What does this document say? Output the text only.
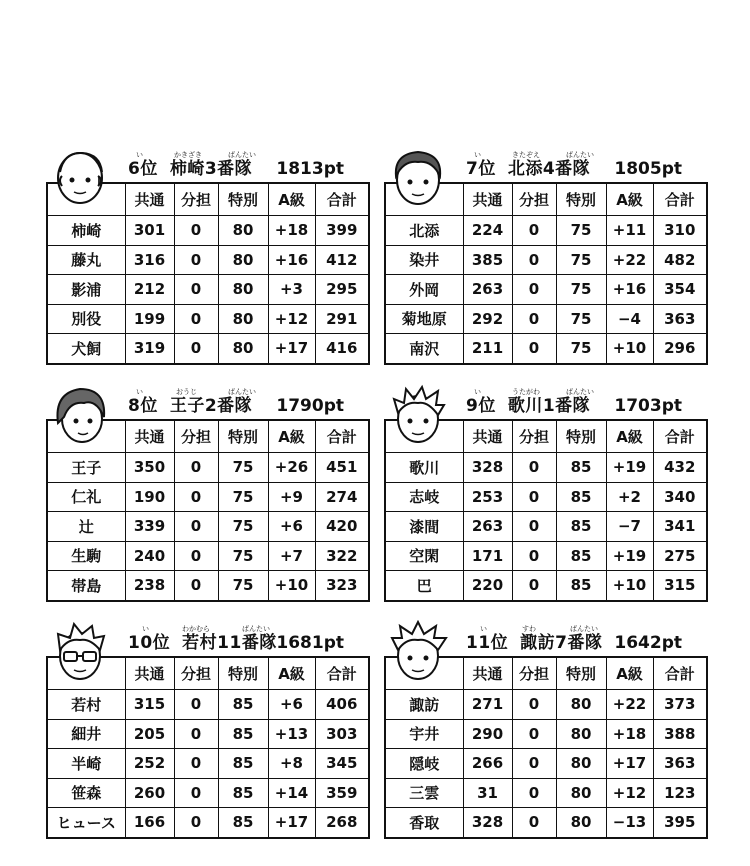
い	かきざき	ばんたい
6位 柿崎3番隊 1813pt
	共通	分担	特別	A級	合計
柿崎	301	0	80	+18	399
藤丸	316	0	80	+16	412
影浦	212	0	80	+3	295
別役	199	0	80	+12	291
犬飼	319	0	80	+17	416
い	きたぞえ	ばんたい
7位 北添4番隊 1805pt
	共通	分担	特別	A級	合計
北添	224	0	75	+11	310
染井	385	0	75	+22	482
外岡	263	0	75	+16	354
菊地原	292	0	75	−4	363
南沢	211	0	75	+10	296
い	おうじ	ばんたい
8位 王子2番隊 1790pt
	共通	分担	特別	A級	合計
王子	350	0	75	+26	451
仁礼	190	0	75	+9	274
辻	339	0	75	+6	420
生駒	240	0	75	+7	322
帯島	238	0	75	+10	323
い	うたがわ	ばんたい
9位 歌川1番隊 1703pt
	共通	分担	特別	A級	合計
歌川	328	0	85	+19	432
志岐	253	0	85	+2	340
漆間	263	0	85	−7	341
空閑	171	0	85	+19	275
巴	220	0	85	+10	315
い	わかむら	ばんたい
10位 若村11番隊 1681pt
	共通	分担	特別	A級	合計
若村	315	0	85	+6	406
細井	205	0	85	+13	303
半崎	252	0	85	+8	345
笹森	260	0	85	+14	359
ヒュース	166	0	85	+17	268
い	すわ	ばんたい
11位 諏訪7番隊 1642pt
	共通	分担	特別	A級	合計
諏訪	271	0	80	+22	373
宇井	290	0	80	+18	388
隠岐	266	0	80	+17	363
三雲	31	0	80	+12	123
香取	328	0	80	−13	395
